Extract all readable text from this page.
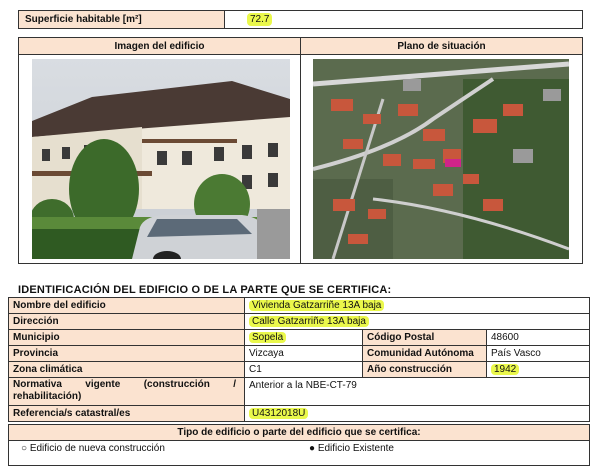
Superficie habitable [m²]	72.7
Imagen del edificio	Plano de situación
IDENTIFICACIÓN DEL EDIFICIO O DE LA PARTE QUE SE CERTIFICA:
Nombre del edificio	Vivienda Gatzarriñe 13A baja
Dirección	Calle Gatzarriñe 13A baja
Municipio	Sopela	Código Postal	48600
Provincia	Vizcaya	Comunidad Autónoma	País Vasco
Zona climática	C1	Año construcción	1942
Normativa vigente (construcción /
rehabilitación)
Anterior a la NBE-CT-79
Referencia/s catastral/es	U4312018U
Tipo de edificio o parte del edificio que se certifica:
○ Edificio de nueva construcción	● Edificio Existente
